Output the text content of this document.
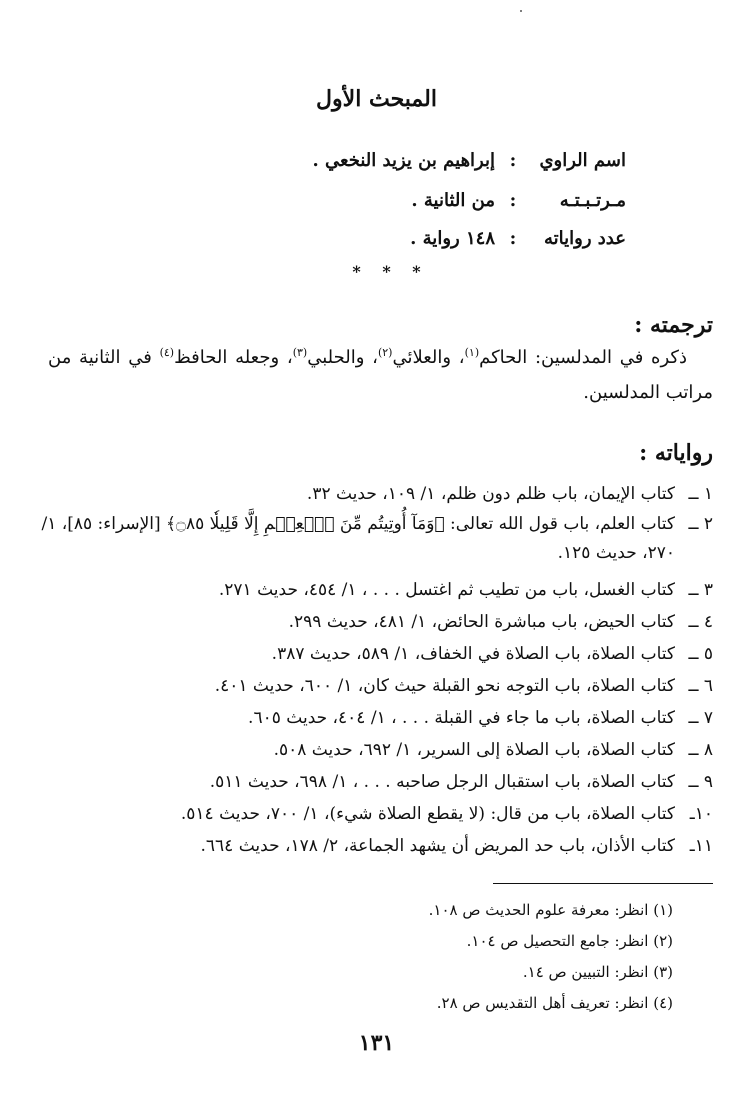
المبحث الأول
اسم الراوي
:
إبراهيم بن يزيد النخعي .
مـرتـبـتـه
:
من الثانية .
عدد رواياته
:
١٤٨ رواية .
* * *
ترجمته :

ذكره في المدلسين: الحاكم$^{(١)}$، والعلائي$^{(٢)}$، والحلبي$^{(٣)}$، وجعله الحافظ$^{(٤)}$ في الثانية من مراتب المدلسين.

رواياته :
١ ــ
كتاب الإيمان، باب ظلم دون ظلم، ١/ ١٠٩، حديث ٣٢.
٢ ــ
كتاب العلم، باب قول الله تعالى: ﴿وَمَآ أُوتِيتُم مِّنَ ٱلۡعِلۡمِ إِلَّا قَلِيلٗا ۝٨٥﴾ [الإسراء: ٨٥]، ١/ ٢٧٠، حديث ١٢٥.
٣ ــ
كتاب الغسل، باب من تطيب ثم اغتسل . . . ، ١/ ٤٥٤، حديث ٢٧١.
٤ ــ
كتاب الحيض، باب مباشرة الحائض، ١/ ٤٨١، حديث ٢٩٩.
٥ ــ
كتاب الصلاة، باب الصلاة في الخفاف، ١/ ٥٨٩، حديث ٣٨٧.
٦ ــ
كتاب الصلاة، باب التوجه نحو القبلة حيث كان، ١/ ٦٠٠، حديث ٤٠١.
٧ ــ
كتاب الصلاة، باب ما جاء في القبلة . . . ، ١/ ٤٠٤، حديث ٦٠٥.
٨ ــ
كتاب الصلاة، باب الصلاة إلى السرير، ١/ ٦٩٢، حديث ٥٠٨.
٩ ــ
كتاب الصلاة، باب استقبال الرجل صاحبه . . . ، ١/ ٦٩٨، حديث ٥١١.
١٠ـ
كتاب الصلاة، باب من قال: (لا يقطع الصلاة شيء)، ١/ ٧٠٠، حديث ٥١٤.
١١ـ
كتاب الأذان، باب حد المريض أن يشهد الجماعة، ٢/ ١٧٨، حديث ٦٦٤.
(١) انظر: معرفة علوم الحديث ص ١٠٨.
(٢) انظر: جامع التحصيل ص ١٠٤.
(٣) انظر: التبيين ص ١٤.
(٤) انظر: تعريف أهل التقديس ص ٢٨.
١٣١
